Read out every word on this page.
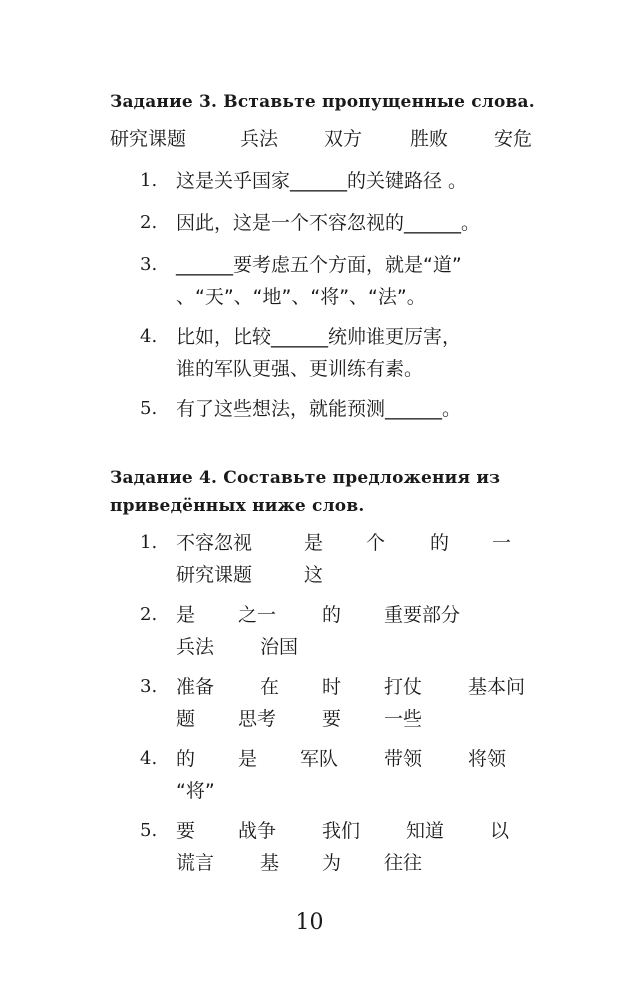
Задание 3. Вставьте пропущенные слова.
研究课题	兵法 双方	胜败 安危
1. 这是关乎国家______的关键路径 。
2. 因此，这是一个不容忽视的______。
3. ______要考虑五个方面，就是“道”
、“天”、“地”、“将”、“法”。
4. 比如，比较______统帅谁更厉害，
谁的军队更强、更训练有素。
5. 有了这些想法，就能预测______。
Задание 4. Составьте предложения из приведённых ниже слов.
1. 不容忽视	是 个 的 一
研究课题	这
2. 是 之一 的 重要部分
兵法 治国
3. 准备 在 时 打仗 基本问
题 思考 要 一些
4. 的 是 军队 带领 将领
“将”
5. 要 战争 我们 知道 以
谎言 基 为 往往
10
